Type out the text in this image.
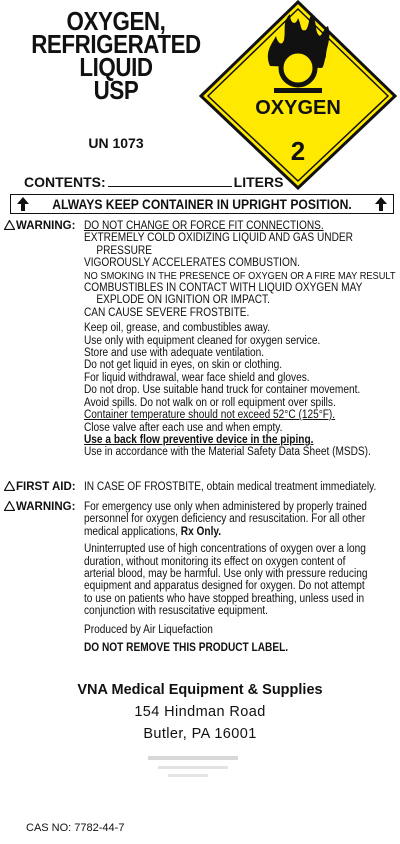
OXYGEN,
REFRIGERATED
LIQUID
USP
UN 1073
OXYGEN
2
CONTENTS:	LITERS
ALWAYS KEEP CONTAINER IN UPRIGHT POSITION.
WARNING: DO NOT CHANGE OR FORCE FIT CONNECTIONS.
EXTREMELY COLD OXIDIZING LIQUID AND GAS UNDER
PRESSURE
VIGOROUSLY ACCELERATES COMBUSTION.
NO SMOKING IN THE PRESENCE OF OXYGEN OR A FIRE MAY RESULT
COMBUSTIBLES IN CONTACT WITH LIQUID OXYGEN MAY
EXPLODE ON IGNITION OR IMPACT.
CAN CAUSE SEVERE FROSTBITE.
Keep oil, grease, and combustibles away.
Use only with equipment cleaned for oxygen service.
Store and use with adequate ventilation.
Do not get liquid in eyes, on skin or clothing.
For liquid withdrawal, wear face shield and gloves.
Do not drop. Use suitable hand truck for container movement.
Avoid spills. Do not walk on or roll equipment over spills.
Container temperature should not exceed 52°C (125°F).
Close valve after each use and when empty.
Use a back flow preventive device in the piping.
Use in accordance with the Material Safety Data Sheet (MSDS).
FIRST AID: IN CASE OF FROSTBITE, obtain medical treatment immediately.
WARNING: For emergency use only when administered by properly trained
personnel for oxygen deficiency and resuscitation. For all other
medical applications, Rx Only.
Uninterrupted use of high concentrations of oxygen over a long
duration, without monitoring its effect on oxygen content of
arterial blood, may be harmful. Use only with pressure reducing
equipment and apparatus designed for oxygen. Do not attempt
to use on patients who have stopped breathing, unless used in
conjunction with resuscitative equipment.
Produced by Air Liquefaction
DO NOT REMOVE THIS PRODUCT LABEL.
VNA Medical Equipment & Supplies
154 Hindman Road
Butler, PA 16001
CAS NO: 7782-44-7
